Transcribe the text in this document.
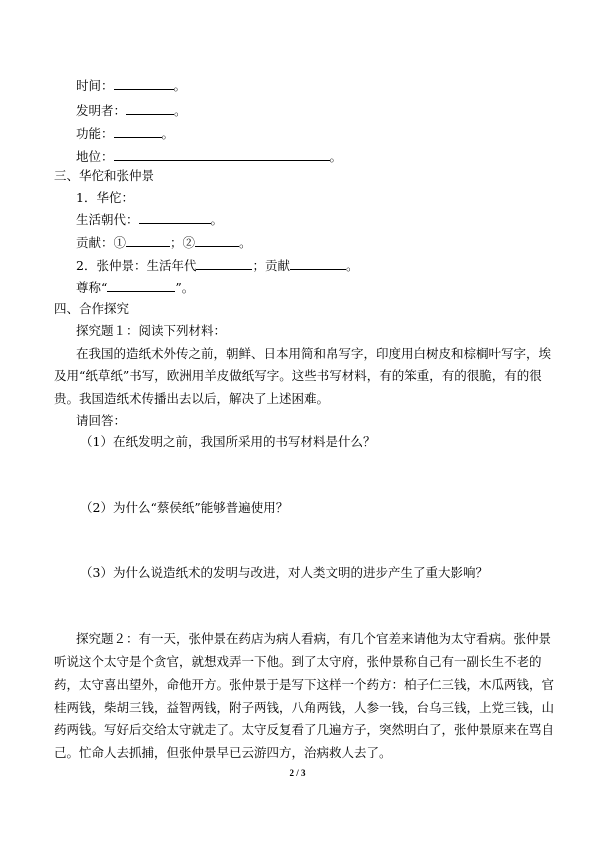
时间：	。
发明者：	。
功能：	。
地位：	。
三、华佗和张仲景
1．华佗：
生活朝代：	。
贡献：①	；②	。
2．张仲景：生活年代	；贡献	。
尊称“	”。
四、合作探究
探究题１：阅读下列材料：
在我国的造纸术外传之前，朝鲜、日本用简和帛写字，印度用白树皮和棕榈叶写字，埃
及用“纸草纸”书写，欧洲用羊皮做纸写字。这些书写材料，有的笨重，有的很脆，有的很
贵。我国造纸术传播出去以后，解决了上述困难。
请回答：
（1）在纸发明之前，我国所采用的书写材料是什么？
（2）为什么“蔡侯纸”能够普遍使用？
（3）为什么说造纸术的发明与改进，对人类文明的进步产生了重大影响？
探究题２：有一天，张仲景在药店为病人看病，有几个官差来请他为太守看病。张仲景
听说这个太守是个贪官，就想戏弄一下他。到了太守府，张仲景称自己有一副长生不老的
药，太守喜出望外，命他开方。张仲景于是写下这样一个药方：柏子仁三钱，木瓜两钱，官
桂两钱，柴胡三钱，益智两钱，附子两钱，八角两钱，人参一钱，台乌三钱，上党三钱，山
药两钱。写好后交给太守就走了。太守反复看了几遍方子，突然明白了，张仲景原来在骂自
己。忙命人去抓捕，但张仲景早已云游四方，治病救人去了。
2 / 3
